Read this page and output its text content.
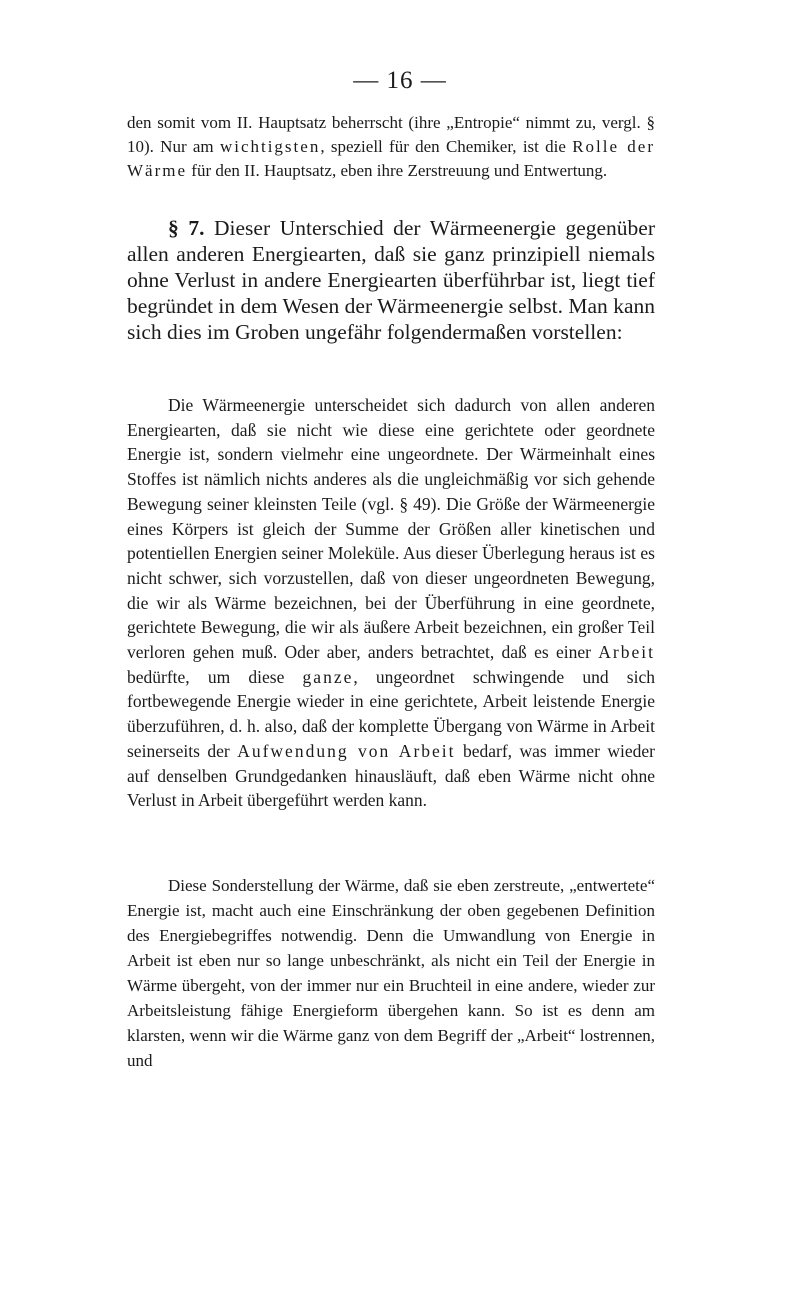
— 16 —

den somit vom II. Hauptsatz beherrscht (ihre „Entropie“ nimmt zu, vergl. § 10). Nur am wichtigsten, speziell für den Chemiker, ist die Rolle der Wärme für den II. Hauptsatz, eben ihre Zerstreuung und Entwertung.

§ 7. Dieser Unterschied der Wärmeenergie gegenüber allen anderen Energiearten, daß sie ganz prinzipiell niemals ohne Verlust in andere Energiearten überführbar ist, liegt tief begründet in dem Wesen der Wärmeenergie selbst. Man kann sich dies im Groben ungefähr folgendermaßen vorstellen:

Die Wärmeenergie unterscheidet sich dadurch von allen anderen Energiearten, daß sie nicht wie diese eine gerichtete oder geordnete Energie ist, sondern vielmehr eine ungeordnete. Der Wärmeinhalt eines Stoffes ist nämlich nichts anderes als die ungleichmäßig vor sich gehende Bewegung seiner kleinsten Teile (vgl. § 49). Die Größe der Wärmeenergie eines Körpers ist gleich der Summe der Größen aller kinetischen und potentiellen Energien seiner Moleküle. Aus dieser Überlegung heraus ist es nicht schwer, sich vorzustellen, daß von dieser ungeordneten Bewegung, die wir als Wärme bezeichnen, bei der Überführung in eine geordnete, gerichtete Bewegung, die wir als äußere Arbeit bezeichnen, ein großer Teil verloren gehen muß. Oder aber, anders betrachtet, daß es einer Arbeit bedürfte, um diese ganze, ungeordnet schwingende und sich fortbewegende Energie wieder in eine gerichtete, Arbeit leistende Energie überzuführen, d. h. also, daß der komplette Übergang von Wärme in Arbeit seinerseits der Aufwendung von Arbeit bedarf, was immer wieder auf denselben Grundgedanken hinausläuft, daß eben Wärme nicht ohne Verlust in Arbeit übergeführt werden kann.

Diese Sonderstellung der Wärme, daß sie eben zerstreute, „entwertete“ Energie ist, macht auch eine Einschränkung der oben gegebenen Definition des Energiebegriffes notwendig. Denn die Umwandlung von Energie in Arbeit ist eben nur so lange unbeschränkt, als nicht ein Teil der Energie in Wärme übergeht, von der immer nur ein Bruchteil in eine andere, wieder zur Arbeitsleistung fähige Energieform übergehen kann. So ist es denn am klarsten, wenn wir die Wärme ganz von dem Begriff der „Arbeit“ lostrennen, und
